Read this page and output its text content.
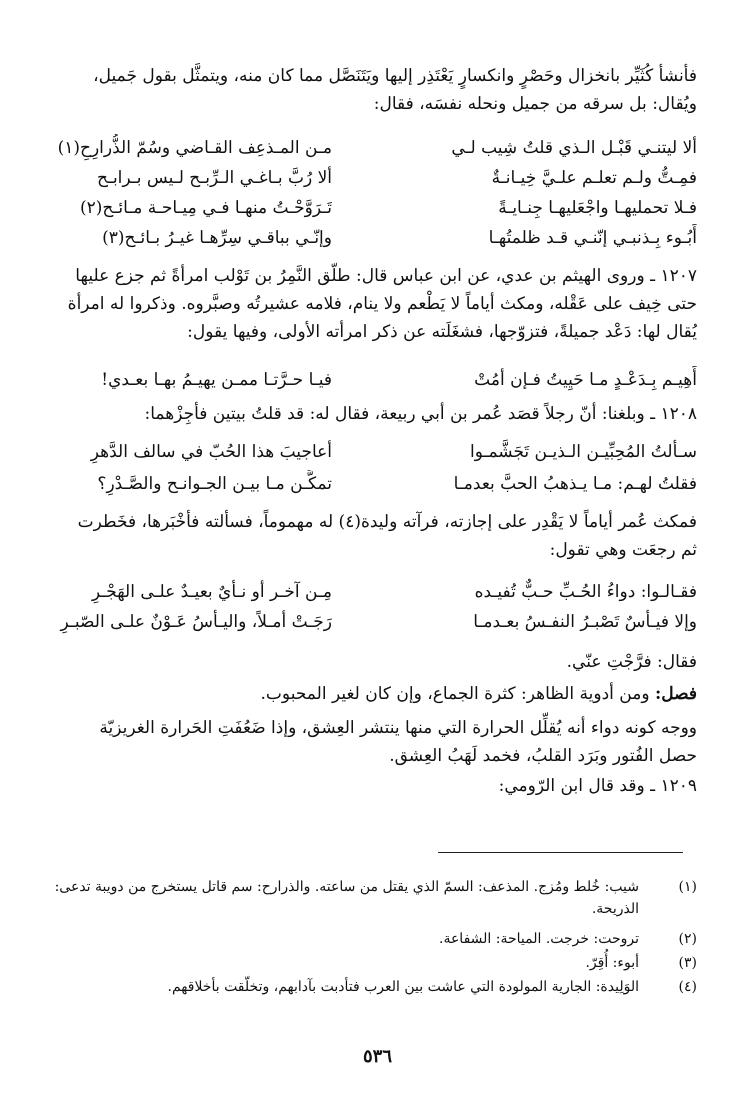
فأنشأ كُثَيِّر بانخزال وحَصْرٍ وانكسارٍ يَعْتَذِر إليها ويَتَنَصَّل مما كان منه، ويتمثَّل بقول جَميل، ويُقال: بل سرقه من جميل ونحله نفسَه، فقال:

ألا ليتنـي قَبْـل الـذي قلتُ شِيب لـي
مـن المـذعِف القـاضي وسُمّ الذُّرارِحِ(١)
فمِـتُّ ولـم تعلـم علـيَّ خِيـانـةٌ
ألا رُبَّ بـاغـي الـرِّبـح لـيس بـرابـح
فـلا تحمليهـا واجْعَليهـا جِنـايـةً
تَـرَوَّحْـتُ منهـا فـي مِيـاحـة مـائـح(٢)
أَبُـوء بِـذنبـي إنّنـي قـد ظلمتُهـا
وإنّـي بباقـي سِرِّهـا غيـرُ بـائـح(٣)

١٢٠٧ ـ وروى الهيثم بن عدي، عن ابن عباس قال: طلّق النَّمِرُ بن تَوْلب امرأةً ثم جزع عليها حتى خِيف على عَقْله، ومكث أياماً لا يَطْعم ولا ينام، فلامه عشيرتُه وصبَّروه. وذكروا له امرأة يُقال لها: دَعْد جميلةً، فتزوّجها، فشغَلَته عن ذكر امرأته الأولى، وفيها يقول:

أَهِيـم بِـدَعْـدٍ مـا حَيِيتُ فـإن أمُتْ
فيـا حـرَّتـا ممـن يهيـمُ بهـا بعـدي!

١٢٠٨ ـ وبلغنا: أنّ رجلاً قصَد عُمر بن أبي ربيعة، فقال له: قد قلتُ بيتين فأجِزْهما:

سـألتُ المُحِبِّيـن الـذيـن تَجَشَّمـوا
أعاجيبَ هذا الحُبّ في سالف الدَّهرِ
فقلتُ لهـم: مـا يـذهبُ الحبَّ بعدمـا
تمكَّـن مـا بيـن الجـوانـح والصَّـدْرِ؟

فمكث عُمر أياماً لا يَقْدِر على إجازته، فرآته وليدة(٤) له مهموماً، فسألته فأخْبَرها، فخَطرت ثم رجعَت وهي تقول:

فقـالـوا: دواءُ الحُـبِّ حـبٌّ تُفيـده
مِـن آخـر أو نـأيٌ بعيـدٌ علـى الهَجْـرِ
وإلا فيـأسٌ تَصْبـرُ النفـسُ بعـدمـا
رَجَـتْ أمـلاً، واليـأسُ عَـوْنٌ علـى الصّبـرِ

فقال: فرَّجْتِ عنّي.

فصل: ومن أدوية الظاهر: كثرة الجماع، وإن كان لغير المحبوب.

ووجه كونه دواء أنه يُقلِّل الحرارة التي منها ينتشر العِشق، وإذا ضَعُفَتِ الحَرارة الغريزيّة حصل الفُتور وبَرَد القلبُ، فخمد لَهَبُ العِشق.

١٢٠٩ ـ وقد قال ابن الرّومي:

(١)
شيب: خُلط ومُزج. المذعف: السمّ الذي يقتل من ساعته. والذرارح: سم قاتل يستخرج من دويبة تدعى: الذريحة.
(٢)
تروحت: خرجت. المياحة: الشفاعة.
(٣)
أبوء: أُقِرّ.
(٤)
الوَلِيدة: الجارية المولودة التي عاشت بين العرب فتأدبت بآدابهم، وتخلّقت بأخلاقهم.
٥٣٦
